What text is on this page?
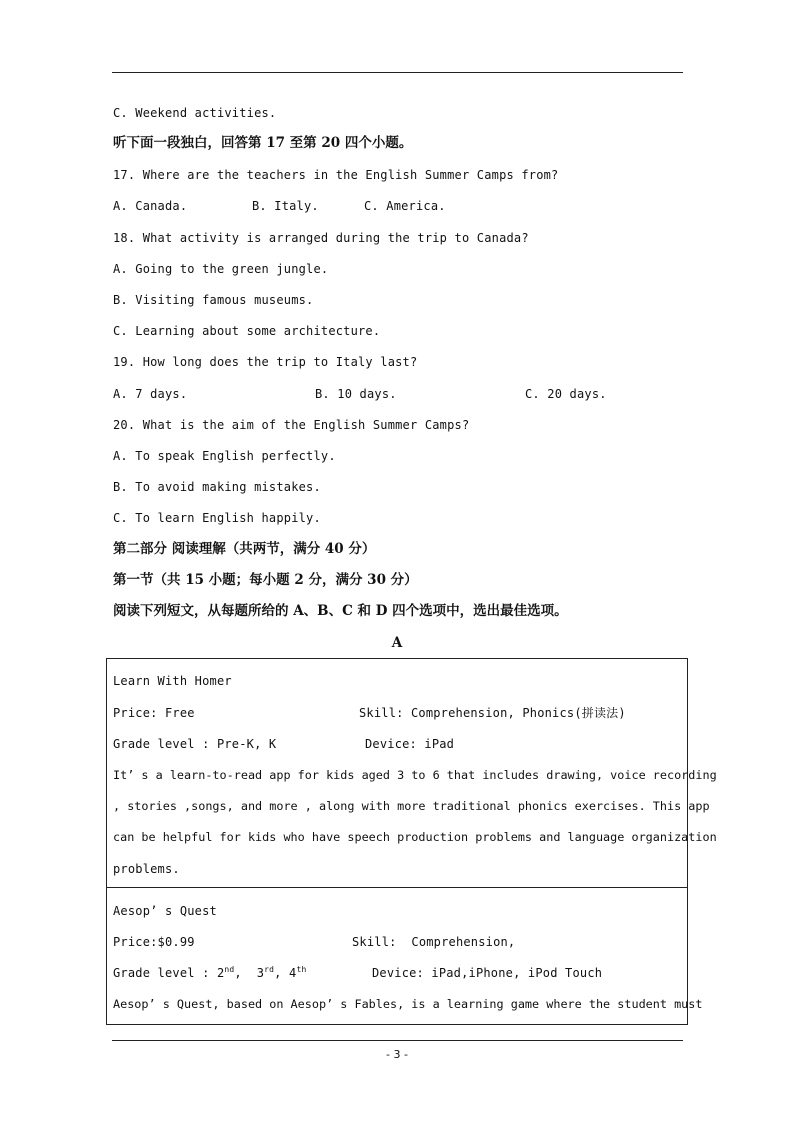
C. Weekend activities.
听下面一段独白，回答第 17 至第 20 四个小题。
17. Where are the teachers in the English Summer Camps from?
A. Canada.	B. Italy.	C. America.
18. What activity is arranged during the trip to Canada?
A. Going to the green jungle.
B. Visiting famous museums.
C. Learning about some architecture.
19. How long does the trip to Italy last?
A. 7 days.	B. 10 days.	C. 20 days.
20. What is the aim of the English Summer Camps?
A. To speak English perfectly.
B. To avoid making mistakes.
C. To learn English happily.
第二部分 阅读理解（共两节，满分 40 分）
第一节（共 15 小题；每小题 2 分，满分 30 分）
阅读下列短文，从每题所给的 A、B、C 和 D 四个选项中，选出最佳选项。
A
Learn With Homer
Price: Free	Skill: Comprehension, Phonics(拼读法)
Grade level : Pre-K, K	Device: iPad
It’ s a learn-to-read app for kids aged 3 to 6 that includes drawing, voice recording
, stories ,songs, and more , along with more traditional phonics exercises. This app
can be helpful for kids who have speech production problems and language organization
problems.
Aesop’ s Quest
Price:$0.99	Skill:  Comprehension,
Grade level : 2nd,  3rd, 4th	Device: iPad,iPhone, iPod Touch
Aesop’ s Quest, based on Aesop’ s Fables, is a learning game where the student must
- 3 -
